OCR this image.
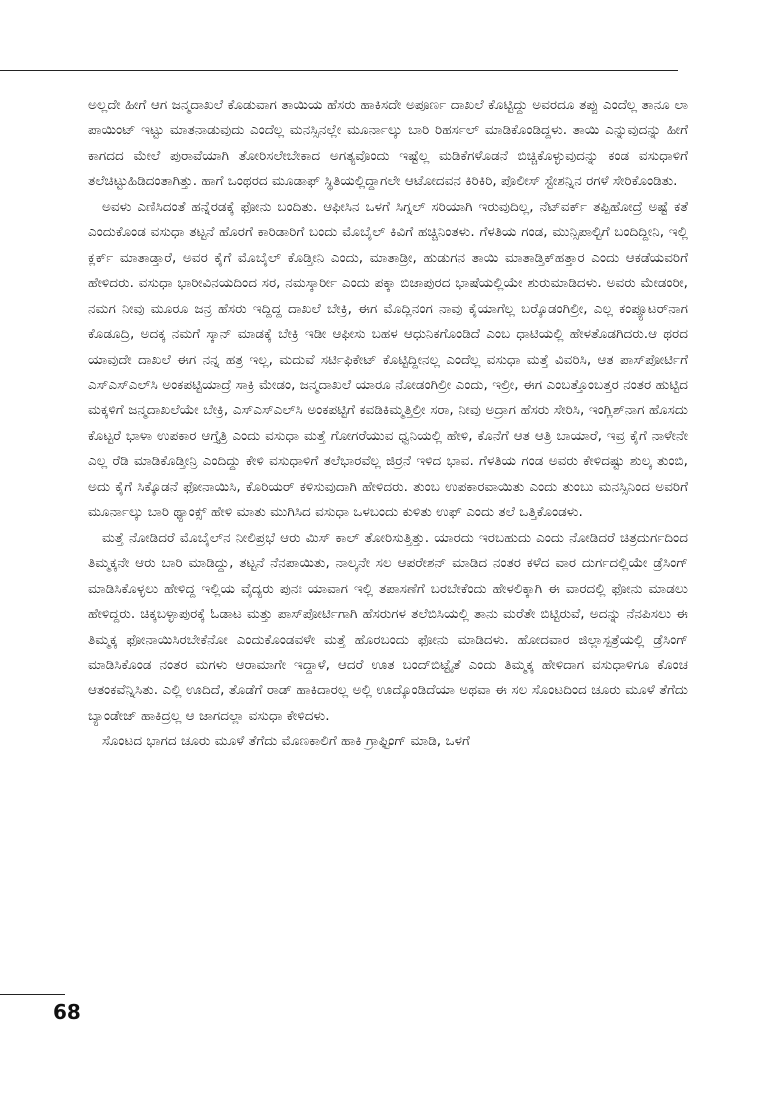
ಅಲ್ಲದೇ ಹೀಗೆ ಆಗ ಜನ್ಮದಾಖಲೆ ಕೊಡುವಾಗ ತಾಯಿಯ ಹೆಸರು ಹಾಕಿಸದೇ ಅಪೂರ್ಣ ದಾಖಲೆ ಕೊಟ್ಟಿದ್ದು ಅವರದೂ ತಪ್ಪು ಎಂದೆಲ್ಲ ತಾನೂ ಲಾ ಪಾಯಿಂಟ್ ಇಟ್ಟು ಮಾತನಾಡುವುದು ಎಂದೆಲ್ಲ ಮನಸ್ಸಿನಲ್ಲೇ ಮೂರ್ನಾಲ್ಕು ಬಾರಿ ರಿಹರ್ಸಲ್ ಮಾಡಿಕೊಂಡಿದ್ದಳು. ತಾಯಿ ಎನ್ನುವುದನ್ನು ಹೀಗೆ ಕಾಗದದ ಮೇಲೆ ಪುರಾವೆಯಾಗಿ ತೋರಿಸಲೇಬೇಕಾದ ಅಗತ್ಯವೊಂದು ಇಷ್ಟೆಲ್ಲ ಮಡಿಕೆಗಳೊಡನೆ ಬಿಚ್ಚಿಕೊಳ್ಳುವುದನ್ನು ಕಂಡ ವಸುಧಾಳಿಗೆ ತಲೆಚಿಟ್ಟುಹಿಡಿದಂತಾಗಿತ್ತು. ಹಾಗೆ ಒಂಥರದ ಮೂಡಾಫ್ ಸ್ಥಿತಿಯಲ್ಲಿದ್ದಾಗಲೇ ಆಟೋದವನ ಕಿರಿಕಿರಿ, ಪೊಲೀಸ್ ಸ್ಟೇಶನ್ನಿನ ರಗಳೆ ಸೇರಿಕೊಂಡಿತು.

ಅವಳು ಎಣಿಸಿದಂತೆ ಹನ್ನೆರಡಕ್ಕೆ ಫೋನು ಬಂದಿತು. ಆಫೀಸಿನ ಒಳಗೆ ಸಿಗ್ನಲ್ ಸರಿಯಾಗಿ ಇರುವುದಿಲ್ಲ, ನೆಟ್‌ವರ್ಕ್ ತಪ್ಪಿಹೋದ್ರೆ ಅಷ್ಟೆ ಕತೆ ಎಂದುಕೊಂಡ ವಸುಧಾ ತಟ್ಟನೆ ಹೊರಗೆ ಕಾರಿಡಾರಿಗೆ ಬಂದು ಮೊಬೈಲ್ ಕಿವಿಗೆ ಹಚ್ಚಿನಿಂತಳು. ಗೆಳತಿಯ ಗಂಡ, ಮುನ್ಸಿಪಾಲ್ಟಿಗೆ ಬಂದಿದ್ದೀನಿ, ಇಲ್ಲಿ ಕ್ಲರ್ಕ್ ಮಾತಾಡ್ತಾರೆ, ಅವರ ಕೈಗೆ ಮೊಬೈಲ್ ಕೊಡ್ತೀನಿ ಎಂದು, ಮಾತಾಡ್ರೀ, ಹುಡುಗನ ತಾಯಿ ಮಾತಾಡ್ತಿಕ್‌ಹತ್ತಾರ ಎಂದು ಆಕಡೆಯವರಿಗೆ ಹೇಳಿದರು. ವಸುಧಾ ಭಾರೀವಿನಯದಿಂದ ಸರ, ನಮಸ್ಕಾರ್ರೀ ಎಂದು ಪಕ್ಕಾ ಬಿಜಾಪುರದ ಭಾಷೆಯಲ್ಲಿಯೇ ಶುರುಮಾಡಿದಳು. ಅವರು ಮೇಡಂರೀ, ನಮಗ ನೀವು ಮೂರೂ ಜನ್ರ ಹೆಸರು ಇದ್ದಿದ್ದ ದಾಖಲೆ ಬೇಕ್ರಿ, ಈಗ ಮೊದ್ಲಿನಂಗ ನಾವು ಕೈಯಾಗೆಲ್ಲ ಬರ್‍ಕೊಡಂಗಿಲ್ರೀ, ಎಲ್ಲ ಕಂಪ್ಯೂಟರ್‌ನಾಗ ಕೊಡೂದ್ರಿ, ಅದಕ್ಕ ನಮಗೆ ಸ್ಕಾನ್ ಮಾಡಕ್ಕೆ ಬೇಕ್ರಿ ಇಡೀ ಆಫೀಸು ಬಹಳ ಆಧುನಿಕಗೊಂಡಿದೆ ಎಂಬ ಧಾಟಿಯಲ್ಲಿ ಹೇಳತೊಡಗಿದರು.ಆ ಥರದ ಯಾವುದೇ ದಾಖಲೆ ಈಗ ನನ್ನ ಹತ್ರ ಇಲ್ಲ, ಮದುವೆ ಸರ್ಟಿಫಿಕೇಟ್ ಕೊಟ್ಟಿದ್ದೀನಲ್ಲ ಎಂದೆಲ್ಲ ವಸುಧಾ ಮತ್ತೆ ವಿವರಿಸಿ, ಆತ ಪಾಸ್‌ಪೋರ್ಟಿಗೆ ಎಸ್‌ಎಸ್‌ಎಲ್‌ಸಿ ಅಂಕಪಟ್ಟಿಯಾದ್ರೆ ಸಾಕ್ರಿ ಮೇಡಂ, ಜನ್ಮದಾಖಲೆ ಯಾರೂ ನೋಡಂಗಿಲ್ರೀ ಎಂದು, ಇಲ್ರೀ, ಈಗ ಎಂಬತ್ತೊಂಬತ್ತರ ನಂತರ ಹುಟ್ಟಿದ ಮಕ್ಕಳಿಗೆ ಜನ್ಮದಾಖಲೆಯೇ ಬೇಕ್ರಿ, ಎಸ್‌ಎಸ್‌ಎಲ್‌ಸಿ ಅಂಕಪಟ್ಟಿಗೆ ಕವಡಿಕಿಮ್ಮತ್ತಿಲ್ರೀ ಸರಾ, ನೀವು ಅದ್ರಾಗ ಹೆಸರು ಸೇರಿಸಿ, ಇಂಗ್ಲಿಶ್‌ನಾಗ ಹೊಸದು ಕೊಟ್ಟರೆ ಭಾಳಾ ಉಪಕಾರ ಆಗ್ತೈತ್ರಿ ಎಂದು ವಸುಧಾ ಮತ್ತೆ ಗೋಗರೆಯುವ ಧ್ವನಿಯಲ್ಲಿ ಹೇಳಿ, ಕೊನೆಗೆ ಆತ ಆತ್ರಿ ಬಾಯಾರೆ, ಇವ್ರ ಕೈಗೆ ನಾಳೇನೇ ಎಲ್ಲ ರೆಡಿ ಮಾಡಿಕೊಡ್ತೀನ್ರಿ ಎಂದಿದ್ದು ಕೇಳಿ ವಸುಧಾಳಿಗೆ ತಲೆಭಾರವೆಲ್ಲ ಜಿರ್ರನೆ ಇಳಿದ ಭಾವ. ಗೆಳತಿಯ ಗಂಡ ಅವರು ಕೇಳಿದಷ್ಟು ಶುಲ್ಕ ತುಂಬಿ, ಅದು ಕೈಗೆ ಸಿಕ್ಕೊಡನೆ ಫೋನಾಯಿಸಿ, ಕೊರಿಯರ್ ಕಳಿಸುವುದಾಗಿ ಹೇಳಿದರು. ತುಂಬ ಉಪಕಾರವಾಯಿತು ಎಂದು ತುಂಬು ಮನಸ್ಸಿನಿಂದ ಅವರಿಗೆ ಮೂರ್ನಾಲ್ಕು ಬಾರಿ ಥ್ಯಾಂಕ್ಸ್ ಹೇಳಿ ಮಾತು ಮುಗಿಸಿದ ವಸುಧಾ ಒಳಬಂದು ಕುಳಿತು ಉಫ್ ಎಂದು ತಲೆ ಒತ್ತಿಕೊಂಡಳು.

ಮತ್ತೆ ನೋಡಿದರೆ ಮೊಬೈಲ್‌ನ ನೀಲಿಪ್ರಭೆ ಆರು ಮಿಸ್ ಕಾಲ್ ತೋರಿಸುತ್ತಿತ್ತು. ಯಾರದು ಇರಬಹುದು ಎಂದು ನೋಡಿದರೆ ಚಿತ್ರದುರ್ಗದಿಂದ ತಿಮ್ಮಕ್ಕನೇ ಆರು ಬಾರಿ ಮಾಡಿದ್ದು, ತಟ್ಟನೆ ನೆನಪಾಯಿತು, ನಾಲ್ಕನೇ ಸಲ ಆಪರೇಶನ್ ಮಾಡಿದ ನಂತರ ಕಳೆದ ವಾರ ದುರ್ಗದಲ್ಲಿಯೇ ಡ್ರೆಸಿಂಗ್ ಮಾಡಿಸಿಕೊಳ್ಳಲು ಹೇಳಿದ್ದ ಇಲ್ಲಿಯ ವೈದ್ಯರು ಪುನಃ ಯಾವಾಗ ಇಲ್ಲಿ ತಪಾಸಣೆಗೆ ಬರಬೇಕೆಂದು ಹೇಳಲಿಕ್ಕಾಗಿ ಈ ವಾರದಲ್ಲಿ ಫೋನು ಮಾಡಲು ಹೇಳಿದ್ದರು. ಚಿಕ್ಕಬಳ್ಳಾಪುರಕ್ಕೆ ಓಡಾಟ ಮತ್ತು ಪಾಸ್‌ಪೋರ್ಟಿಗಾಗಿ ಹೆಸರುಗಳ ತಲೆಬಿಸಿಯಲ್ಲಿ ತಾನು ಮರೆತೇ ಬಿಟ್ಟಿರುವೆ, ಅದನ್ನು ನೆನಪಿಸಲು ಈ ತಿಮ್ಮಕ್ಕ ಫೋನಾಯಿಸಿರಬೇಕೆನೋ ಎಂದುಕೊಂಡವಳೇ ಮತ್ತೆ ಹೊರಬಂದು ಫೋನು ಮಾಡಿದಳು. ಹೋದವಾರ ಜಿಲ್ಲಾಸ್ಪತ್ರೆಯಲ್ಲಿ ಡ್ರೆಸಿಂಗ್ ಮಾಡಿಸಿಕೊಂಡ ನಂತರ ಮಗಳು ಆರಾಮಾಗೇ ಇದ್ದಾಳೆ, ಆದರೆ ಊತ ಬಂದ್‌ಬಿಟ್ಟೈತೆ ಎಂದು ತಿಮ್ಮಕ್ಕ ಹೇಳಿದಾಗ ವಸುಧಾಳಿಗೂ ಕೊಂಚ ಆತಂಕವೆನ್ನಿಸಿತು. ಎಲ್ಲಿ ಊದಿದೆ, ತೊಡೆಗೆ ರಾಡ್ ಹಾಕಿದಾರಲ್ಲ ಅಲ್ಲಿ ಊದ್ಕೊಂಡಿದೆಯಾ ಅಥವಾ ಈ ಸಲ ಸೊಂಟದಿಂದ ಚೂರು ಮೂಳೆ ತೆಗೆದು ಬ್ಯಾಂಡೇಜ್ ಹಾಕಿದ್ರಲ್ಲ ಆ ಜಾಗದಲ್ಲಾ ವಸುಧಾ ಕೇಳಿದಳು.

ಸೊಂಟದ ಭಾಗದ ಚೂರು ಮೂಳೆ ತೆಗೆದು ಮೊಣಕಾಲಿಗೆ ಹಾಕಿ ಗ್ರಾಫ್ಟಿಂಗ್ ಮಾಡಿ, ಒಳಗೆ

68
